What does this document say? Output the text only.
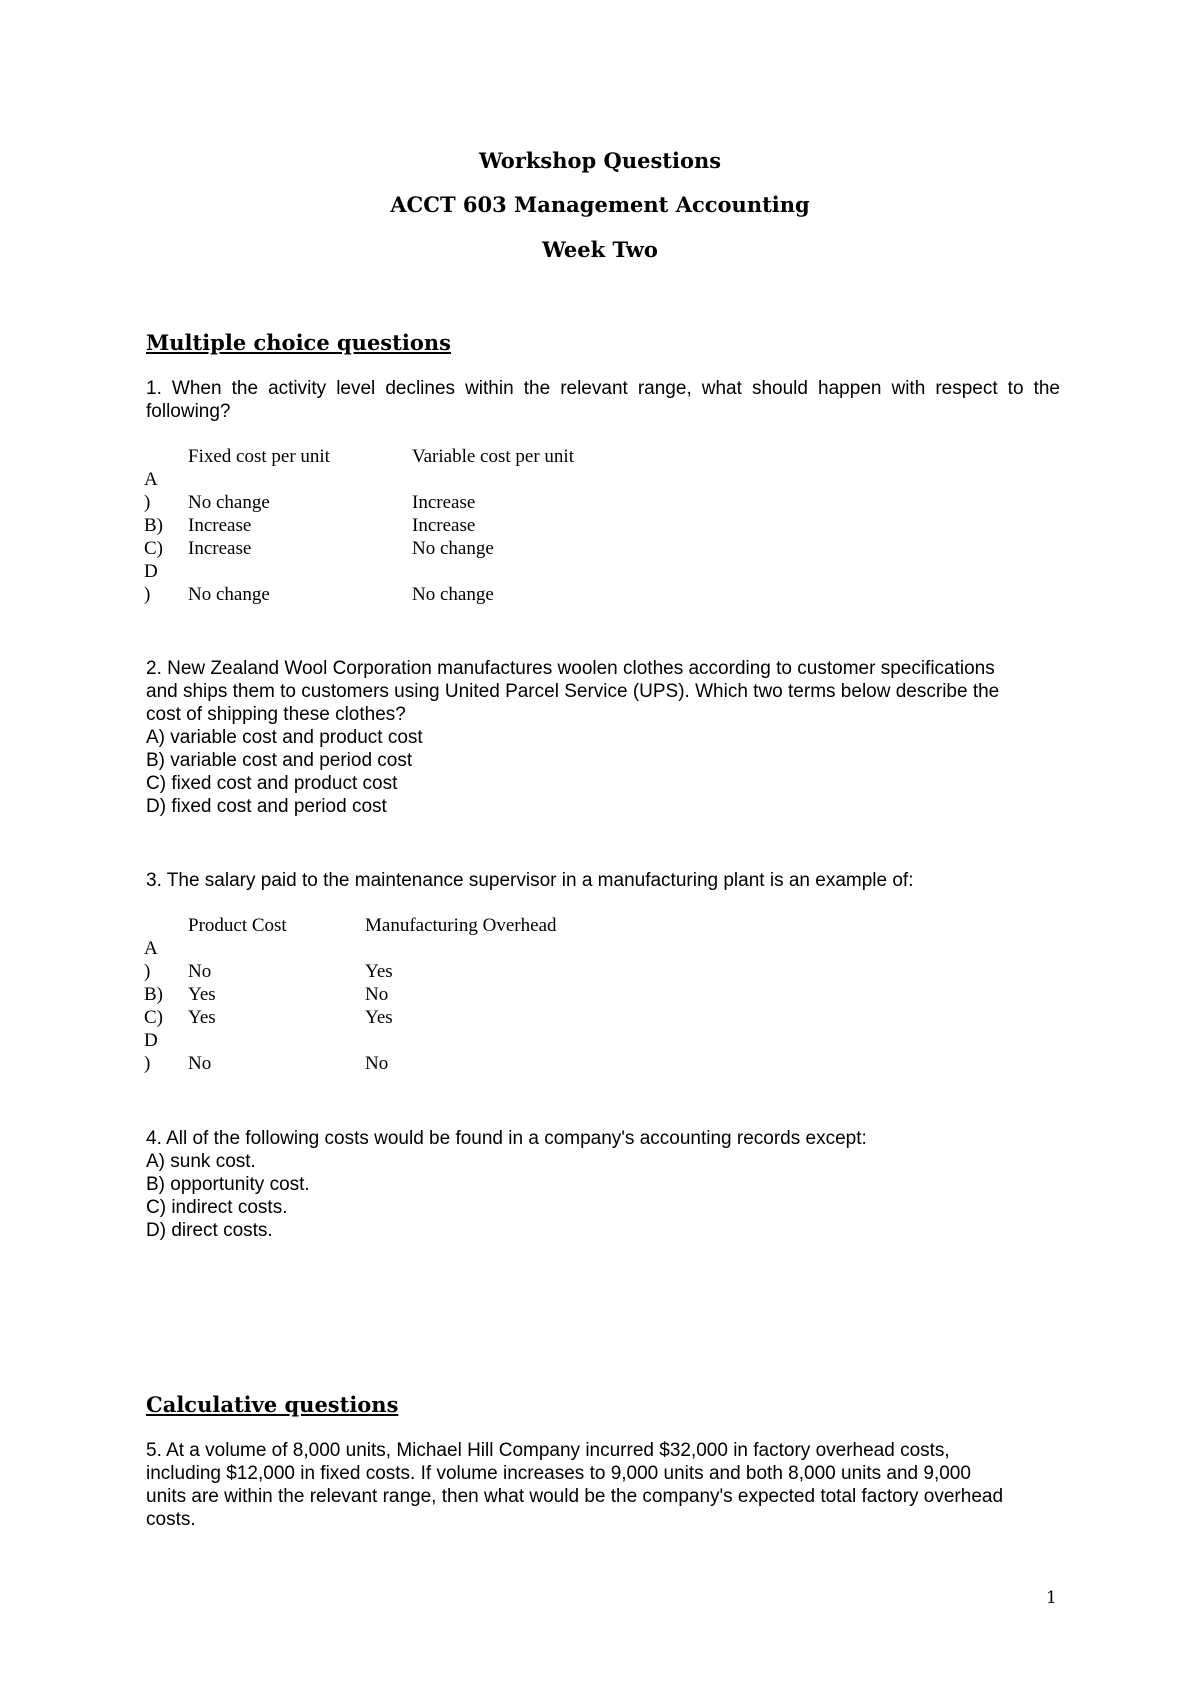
Workshop Questions
ACCT 603 Management Accounting
Week Two
Multiple choice questions
1. When the activity level declines within the relevant range, what should happen with respect to the
following?
Fixed cost per unit	Variable cost per unit
A
)	No change	Increase
B)	Increase	Increase
C)	Increase	No change
D
)	No change	No change
2. New Zealand Wool Corporation manufactures woolen clothes according to customer specifications
and ships them to customers using United Parcel Service (UPS). Which two terms below describe the
cost of shipping these clothes?
A) variable cost and product cost
B) variable cost and period cost
C) fixed cost and product cost
D) fixed cost and period cost
3. The salary paid to the maintenance supervisor in a manufacturing plant is an example of:
Product Cost	Manufacturing Overhead
A
)	No	Yes
B)	Yes	No
C)	Yes	Yes
D
)	No	No
4. All of the following costs would be found in a company's accounting records except:
A) sunk cost.
B) opportunity cost.
C) indirect costs.
D) direct costs.
Calculative questions
5. At a volume of 8,000 units, Michael Hill Company incurred $32,000 in factory overhead costs,
including $12,000 in fixed costs. If volume increases to 9,000 units and both 8,000 units and 9,000
units are within the relevant range, then what would be the company's expected total factory overhead
costs.
1
